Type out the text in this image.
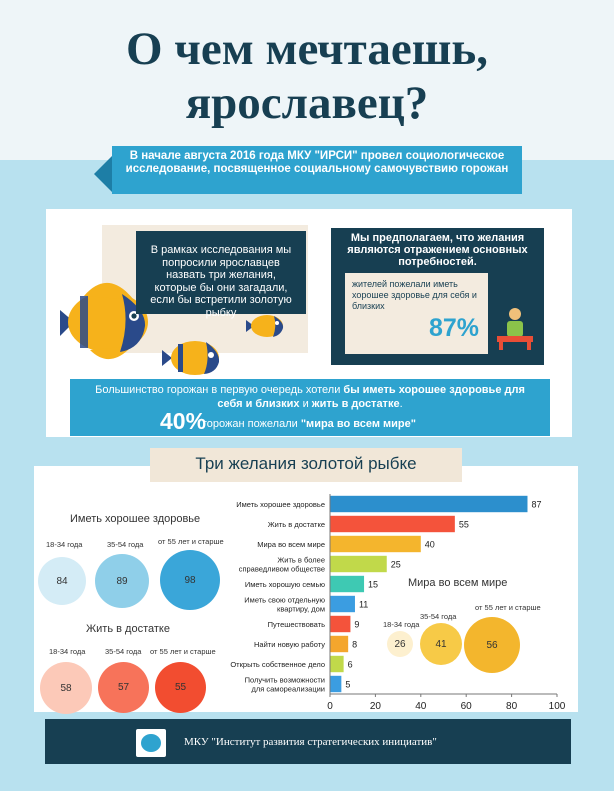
О чем мечтаешь,
ярославец?
В начале августа 2016 года МКУ "ИРСИ" провел социологическое исследование, посвященное социальному самочувствию горожан
В рамках исследования мы попросили ярославцев назвать три желания, которые бы они загадали, если бы встретили золотую рыбку
Мы предполагаем, что желания являются отражением основных потребностей.
жителей пожелали иметь хорошее здоровье для себя и близких
87%
Большинство горожан в первую очередь хотели бы иметь хорошее здоровье для себя и близких и жить в достатке.
40%
горожан пожелали "мира во всем мире"
Три желания золотой рыбке
Иметь хорошее здоровье
18-34 года	35-54 года от 55 лет и старше
84	89	98
Жить в достатке
18-34 года	35-54 года от 55 лет и старше
58	57	55
Мира во всем мире
18-34 года
35-54 года
от 55 лет и старше
26	41	56
87
Иметь хорошее здоровье
55
Жить в достатке
40
Мира во всем мире
25
Жить в более
справедливом обществе
15
Иметь хорошую семью
11
Иметь свою отдельную
квартиру, дом
9
Путешествовать
8
Найти новую работу
6
Открыть собственное дело
5
Получить возможности
для самореализации
0	20	40	60	80	100
МКУ "Институт развития стратегических инициатив"
